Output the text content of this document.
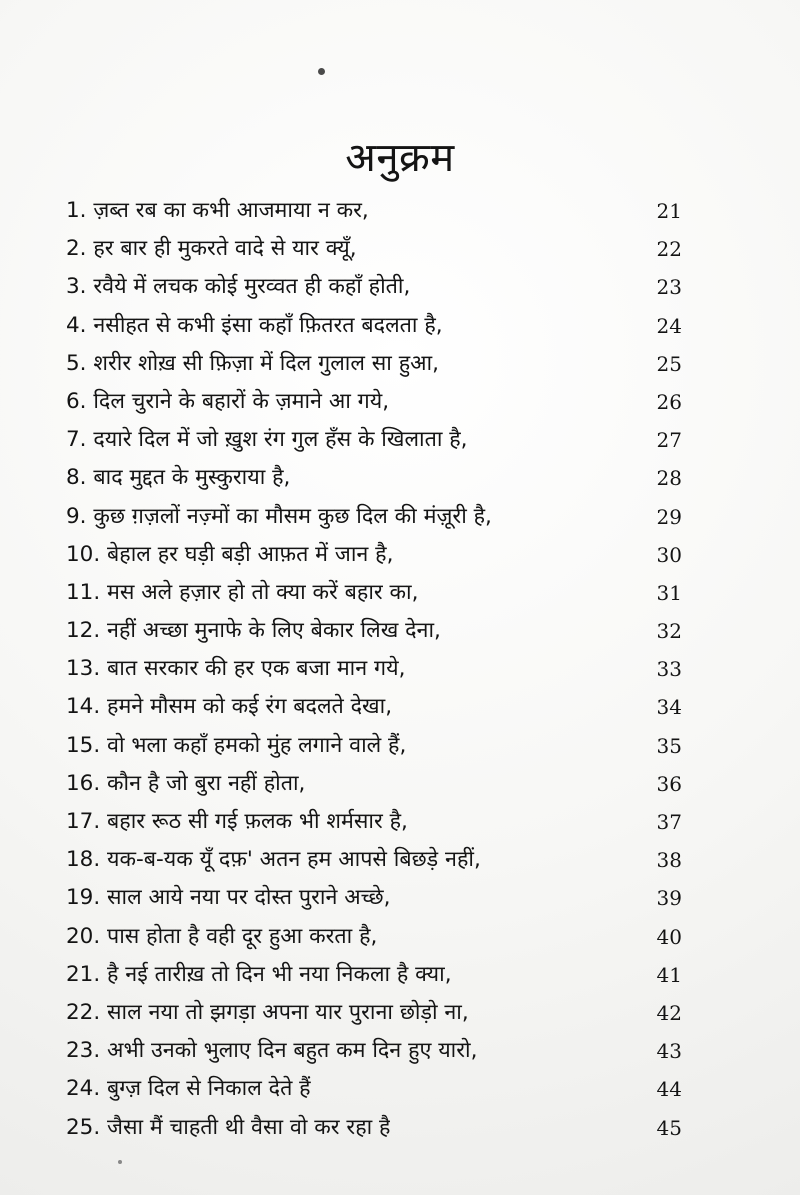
अनुक्रम
1. ज़ब्त रब का कभी आजमाया न कर,	21
2. हर बार ही मुकरते वादे से यार क्यूँ,	22
3. रवैये में लचक कोई मुरव्वत ही कहाँ होती,	23
4. नसीहत से कभी इंसा कहाँ फ़ितरत बदलता है,	24
5. शरीर शोख़ सी फ़िज़ा में दिल गुलाल सा हुआ,	25
6. दिल चुराने के बहारों के ज़माने आ गये,	26
7. दयारे दिल में जो ख़ुश रंग गुल हँस के खिलाता है,	27
8. बाद मुद्दत के मुस्कुराया है,	28
9. कुछ ग़ज़लों नज़्मों का मौसम कुछ दिल की मंज़ूरी है,	29
10. बेहाल हर घड़ी बड़ी आफ़त में जान है,	30
11. मस अले हज़ार हो तो क्या करें बहार का,	31
12. नहीं अच्छा मुनाफे के लिए बेकार लिख देना,	32
13. बात सरकार की हर एक बजा मान गये,	33
14. हमने मौसम को कई रंग बदलते देखा,	34
15. वो भला कहाँ हमको मुंह लगाने वाले हैं,	35
16. कौन है जो बुरा नहीं होता,	36
17. बहार रूठ सी गई फ़लक भी शर्मसार है,	37
18. यक-ब-यक यूँ दफ़' अतन हम आपसे बिछड़े नहीं,	38
19. साल आये नया पर दोस्त पुराने अच्छे,	39
20. पास होता है वही दूर हुआ करता है,	40
21. है नई तारीख़ तो दिन भी नया निकला है क्या,	41
22. साल नया तो झगड़ा अपना यार पुराना छोड़ो ना,	42
23. अभी उनको भुलाए दिन बहुत कम दिन हुए यारो,	43
24. बुग्ज़ दिल से निकाल देते हैं	44
25. जैसा मैं चाहती थी वैसा वो कर रहा है	45
